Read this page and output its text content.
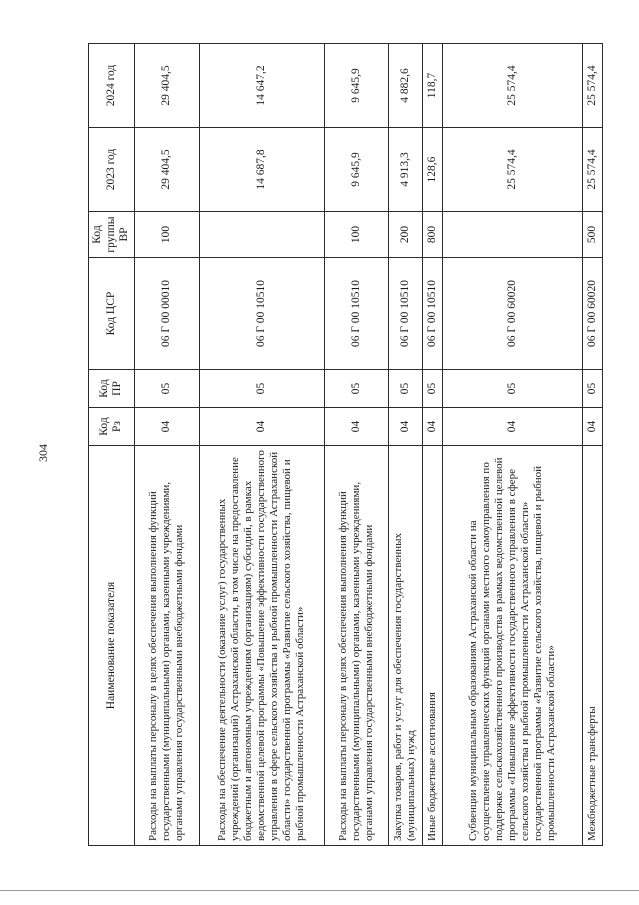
304
Наименование показателя	Код Рз	Код ПР	Код ЦСР	Код группы ВР	2023 год	2024 год
Расходы на выплаты персоналу в целях обеспечения выполнения функций государственными (муниципальными) органами, казенными учреждениями, органами управления государственными внебюджетными фондами	04	05	06 Г 00 00010	100	29 404,5	29 404,5
Расходы на обеспечение деятельности (оказание услуг) государственных учреждений (организаций) Астраханской области, в том числе на предоставление бюджетным и автономным учреждениям (организациям) субсидий, в рамках ведомственной целевой программы «Повышение эффективности государственного управления в сфере сельского хозяйства и рыбной промышленности Астраханской области» государственной программы «Развитие сельского хозяйства, пищевой и рыбной промышленности Астраханской области»	04	05	06 Г 00 10510		14 687,8	14 647,2
Расходы на выплаты персоналу в целях обеспечения выполнения функций государственными (муниципальными) органами, казенными учреждениями, органами управления государственными внебюджетными фондами	04	05	06 Г 00 10510	100	9 645,9	9 645,9
Закупка товаров, работ и услуг для обеспечения государственных (муниципальных) нужд	04	05	06 Г 00 10510	200	4 913,3	4 882,6
Иные бюджетные ассигнования	04	05	06 Г 00 10510	800	128,6	118,7
Субвенции муниципальным образованиям Астраханской области на осуществление управленческих функций органами местного самоуправления по поддержке сельскохозяйственного производства в рамках ведомственной целевой программы «Повышение эффективности государственного управления в сфере сельского хозяйства и рыбной промышленности Астраханской области» государственной программы «Развитие сельского хозяйства, пищевой и рыбной промышленности Астраханской области»	04	05	06 Г 00 60020		25 574,4	25 574,4
Межбюджетные трансферты	04	05	06 Г 00 60020	500	25 574,4	25 574,4
